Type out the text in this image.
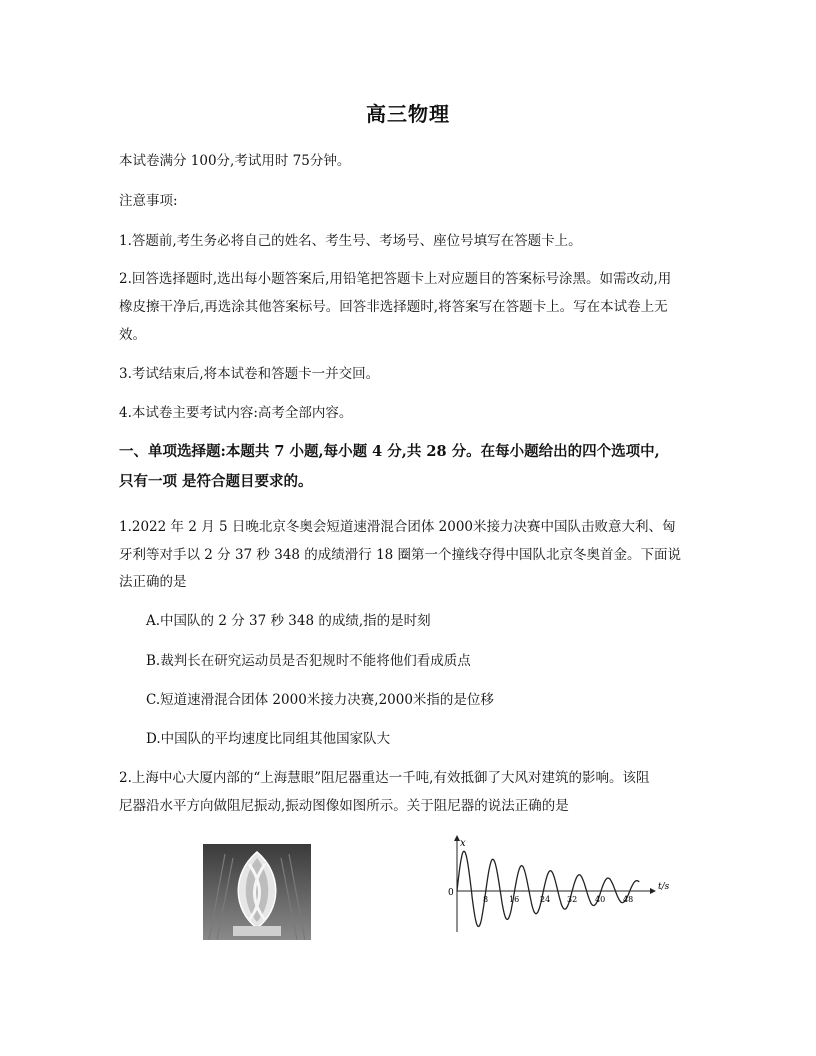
高三物理
本试卷满分 100分,考试用时 75分钟。
注意事项:
1.答题前,考生务必将自己的姓名、考生号、考场号、座位号填写在答题卡上。
2.回答选择题时,选出每小题答案后,用铅笔把答题卡上对应题目的答案标号涂黑。如需改动,用
橡皮擦干净后,再选涂其他答案标号。回答非选择题时,将答案写在答题卡上。写在本试卷上无
效。
3.考试结束后,将本试卷和答题卡一并交回。
4.本试卷主要考试内容:高考全部内容。
一、单项选择题:本题共 7 小题,每小题 4 分,共 28 分。在每小题给出的四个选项中,
只有一项 是符合题目要求的。
1.2022 年 2 月 5 日晚北京冬奥会短道速滑混合团体 2000米接力决赛中国队击败意大利、匈
牙利等对手以 2 分 37 秒 348 的成绩滑行 18 圈第一个撞线夺得中国队北京冬奥首金。下面说
法正确的是
A.中国队的 2 分 37 秒 348 的成绩,指的是时刻
B.裁判长在研究运动员是否犯规时不能将他们看成质点
C.短道速滑混合团体 2000米接力决赛,2000米指的是位移
D.中国队的平均速度比同组其他国家队大
2.上海中心大厦内部的“上海慧眼”阻尼器重达一千吨,有效抵御了大风对建筑的影响。该阻
尼器沿水平方向做阻尼振动,振动图像如图所示。关于阻尼器的说法正确的是
x
0
t/s
8	16	24 32 40 48
